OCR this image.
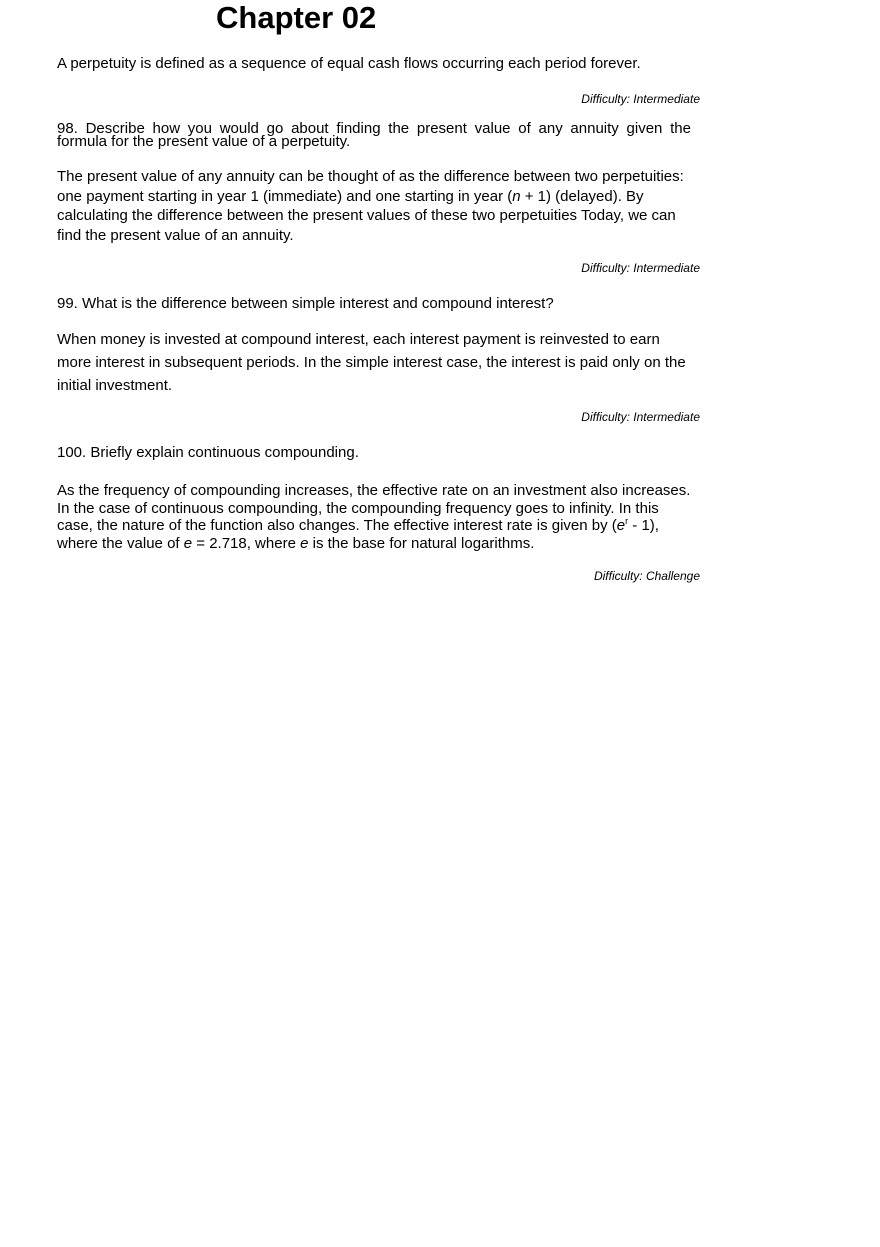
Chapter 02
A perpetuity is defined as a sequence of equal cash flows occurring each period forever.
Difficulty: Intermediate
98. Describe how you would go about finding the present value of any annuity given the formula for the present value of a perpetuity.
The present value of any annuity can be thought of as the difference between two perpetuities: one payment starting in year 1 (immediate) and one starting in year (n + 1) (delayed). By calculating the difference between the present values of these two perpetuities Today, we can find the present value of an annuity.
Difficulty: Intermediate
99. What is the difference between simple interest and compound interest?
When money is invested at compound interest, each interest payment is reinvested to earn more interest in subsequent periods. In the simple interest case, the interest is paid only on the initial investment.
Difficulty: Intermediate
100. Briefly explain continuous compounding.
As the frequency of compounding increases, the effective rate on an investment also increases. In the case of continuous compounding, the compounding frequency goes to infinity. In this case, the nature of the function also changes. The effective interest rate is given by $(e^r - 1)$, where the value of e = 2.718, where e is the base for natural logarithms.
Difficulty: Challenge
